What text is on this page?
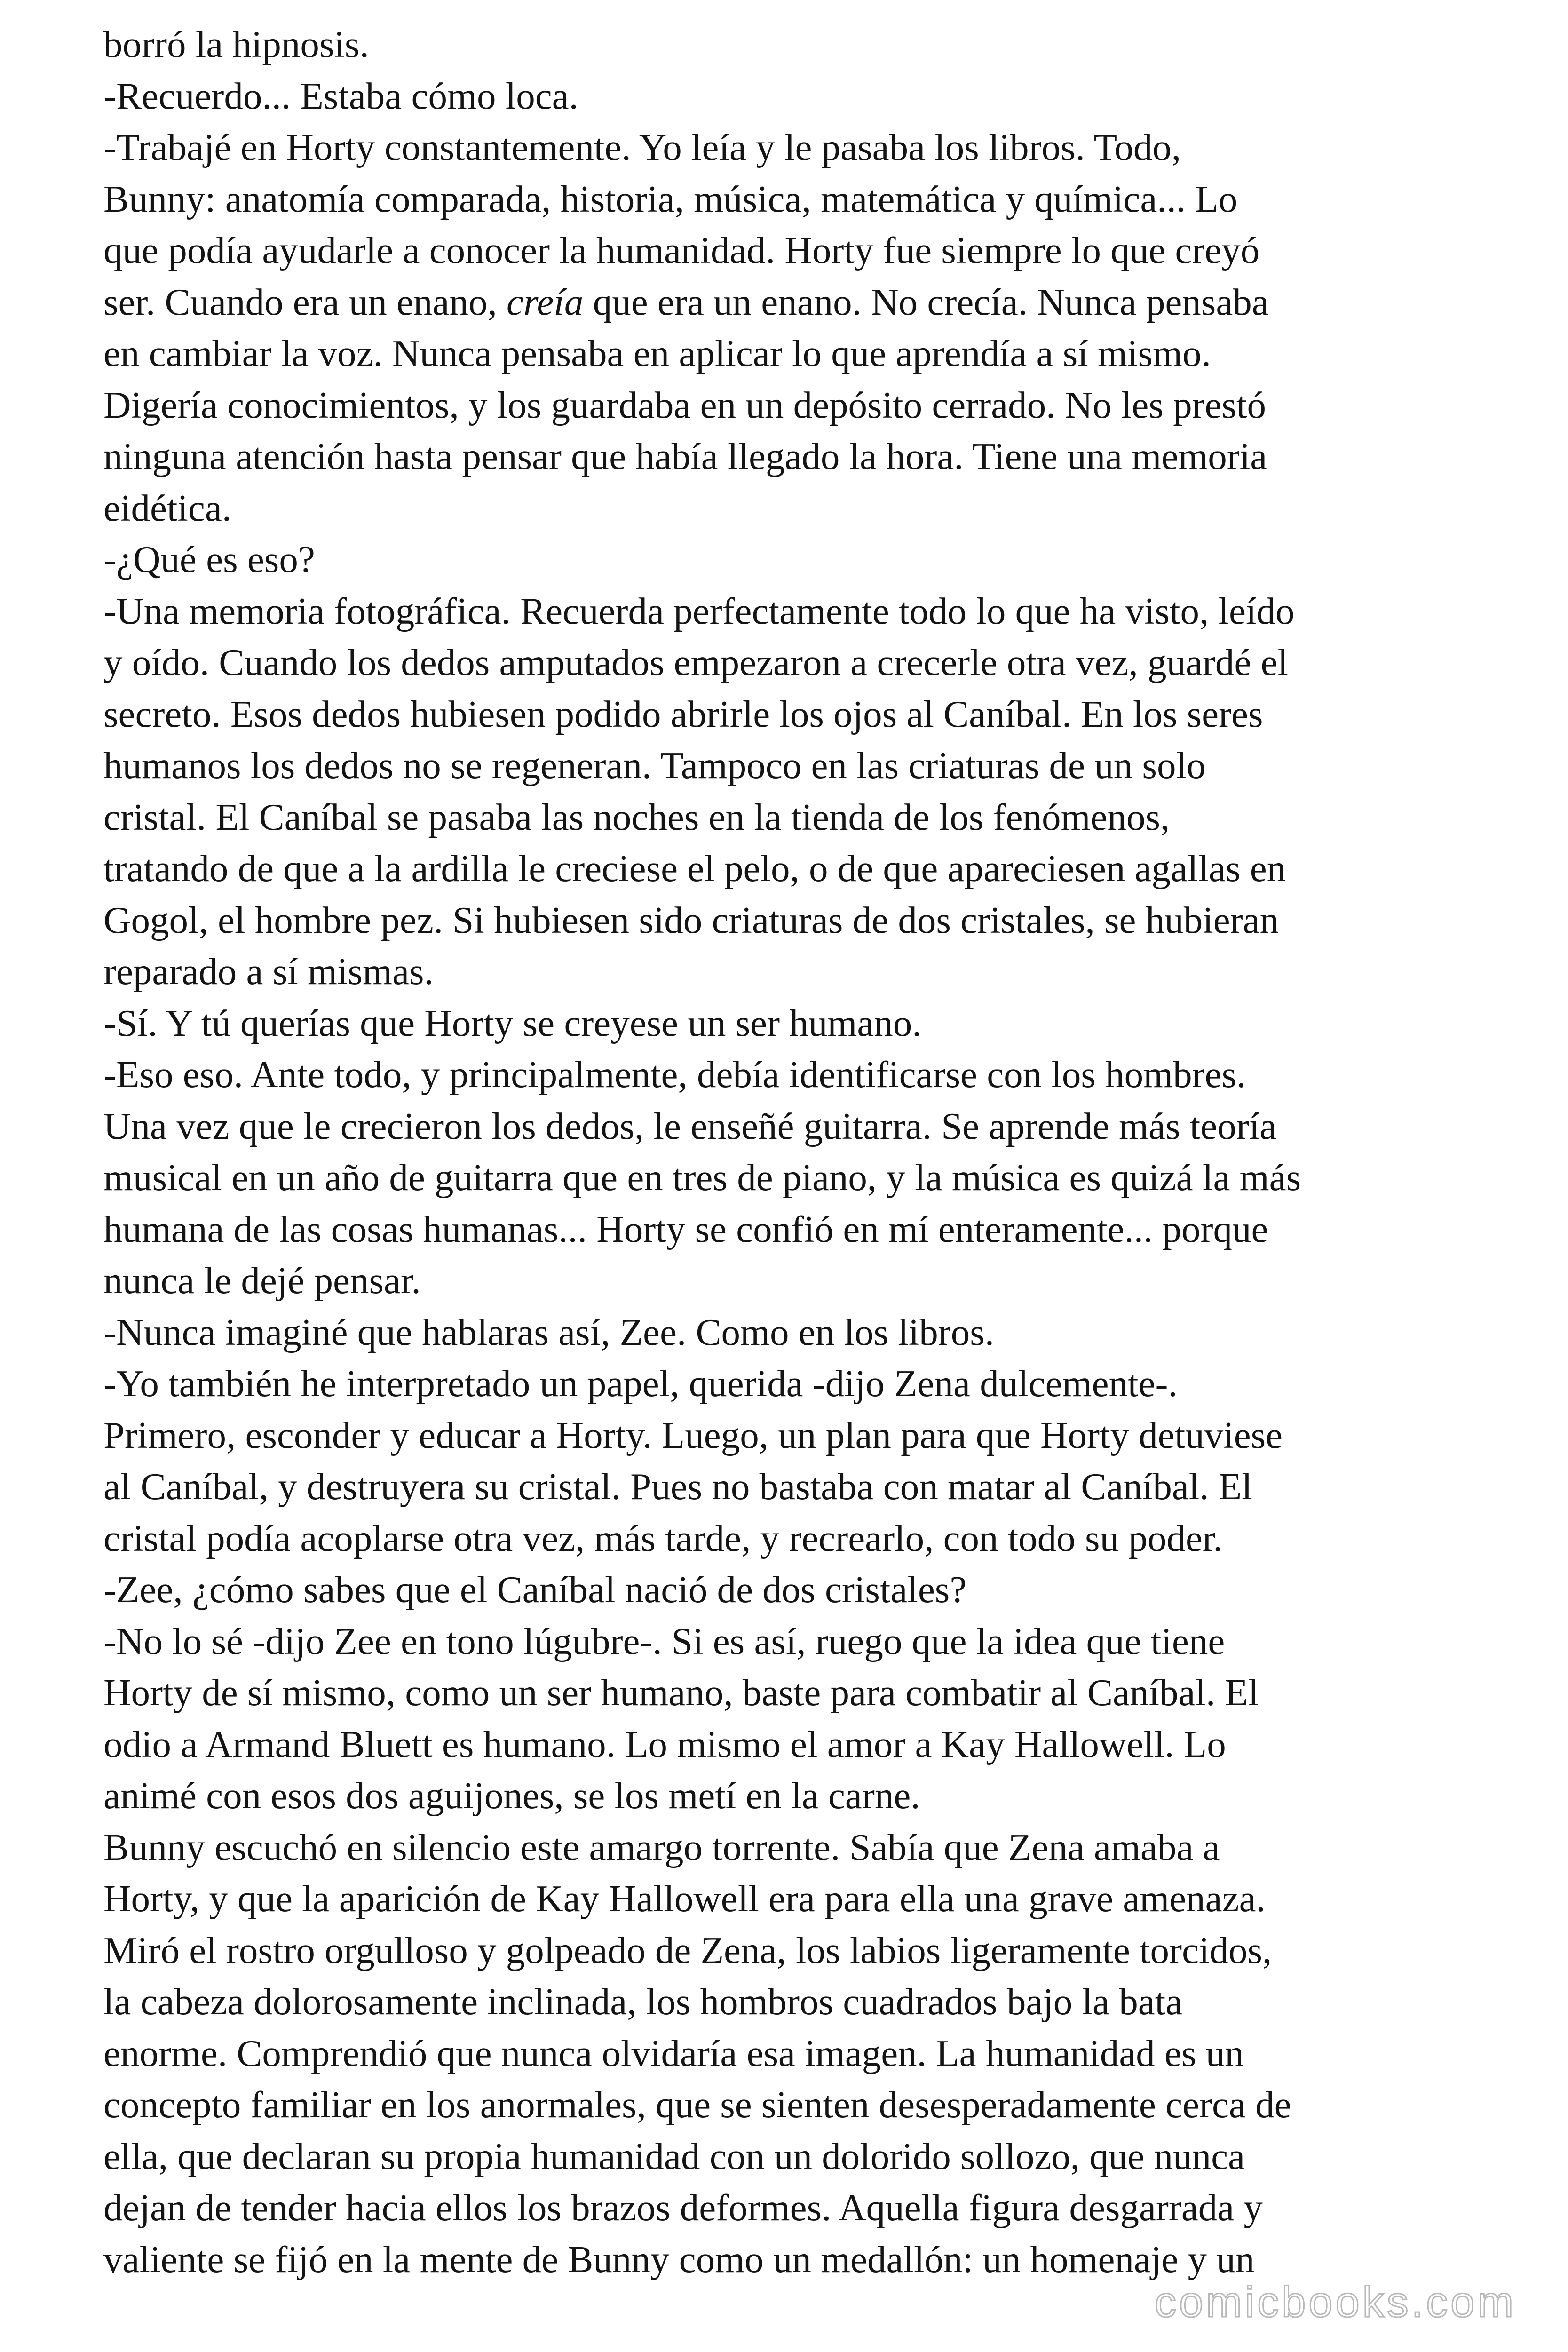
borró la hipnosis.
-Recuerdo... Estaba cómo loca.
-Trabajé en Horty constantemente. Yo leía y le pasaba los libros. Todo,
Bunny: anatomía comparada, historia, música, matemática y química... Lo
que podía ayudarle a conocer la humanidad. Horty fue siempre lo que creyó
ser. Cuando era un enano, creía que era un enano. No crecía. Nunca pensaba
en cambiar la voz. Nunca pensaba en aplicar lo que aprendía a sí mismo.
Digería conocimientos, y los guardaba en un depósito cerrado. No les prestó
ninguna atención hasta pensar que había llegado la hora. Tiene una memoria
eidética.
-¿Qué es eso?
-Una memoria fotográfica. Recuerda perfectamente todo lo que ha visto, leído
y oído. Cuando los dedos amputados empezaron a crecerle otra vez, guardé el
secreto. Esos dedos hubiesen podido abrirle los ojos al Caníbal. En los seres
humanos los dedos no se regeneran. Tampoco en las criaturas de un solo
cristal. El Caníbal se pasaba las noches en la tienda de los fenómenos,
tratando de que a la ardilla le creciese el pelo, o de que apareciesen agallas en
Gogol, el hombre pez. Si hubiesen sido criaturas de dos cristales, se hubieran
reparado a sí mismas.
-Sí. Y tú querías que Horty se creyese un ser humano.
-Eso eso. Ante todo, y principalmente, debía identificarse con los hombres.
Una vez que le crecieron los dedos, le enseñé guitarra. Se aprende más teoría
musical en un año de guitarra que en tres de piano, y la música es quizá la más
humana de las cosas humanas... Horty se confió en mí enteramente... porque
nunca le dejé pensar.
-Nunca imaginé que hablaras así, Zee. Como en los libros.
-Yo también he interpretado un papel, querida -dijo Zena dulcemente-.
Primero, esconder y educar a Horty. Luego, un plan para que Horty detuviese
al Caníbal, y destruyera su cristal. Pues no bastaba con matar al Caníbal. El
cristal podía acoplarse otra vez, más tarde, y recrearlo, con todo su poder.
-Zee, ¿cómo sabes que el Caníbal nació de dos cristales?
-No lo sé -dijo Zee en tono lúgubre-. Si es así, ruego que la idea que tiene
Horty de sí mismo, como un ser humano, baste para combatir al Caníbal. El
odio a Armand Bluett es humano. Lo mismo el amor a Kay Hallowell. Lo
animé con esos dos aguijones, se los metí en la carne.
Bunny escuchó en silencio este amargo torrente. Sabía que Zena amaba a
Horty, y que la aparición de Kay Hallowell era para ella una grave amenaza.
Miró el rostro orgulloso y golpeado de Zena, los labios ligeramente torcidos,
la cabeza dolorosamente inclinada, los hombros cuadrados bajo la bata
enorme. Comprendió que nunca olvidaría esa imagen. La humanidad es un
concepto familiar en los anormales, que se sienten desesperadamente cerca de
ella, que declaran su propia humanidad con un dolorido sollozo, que nunca
dejan de tender hacia ellos los brazos deformes. Aquella figura desgarrada y
valiente se fijó en la mente de Bunny como un medallón: un homenaje y un
comicbooks.com
